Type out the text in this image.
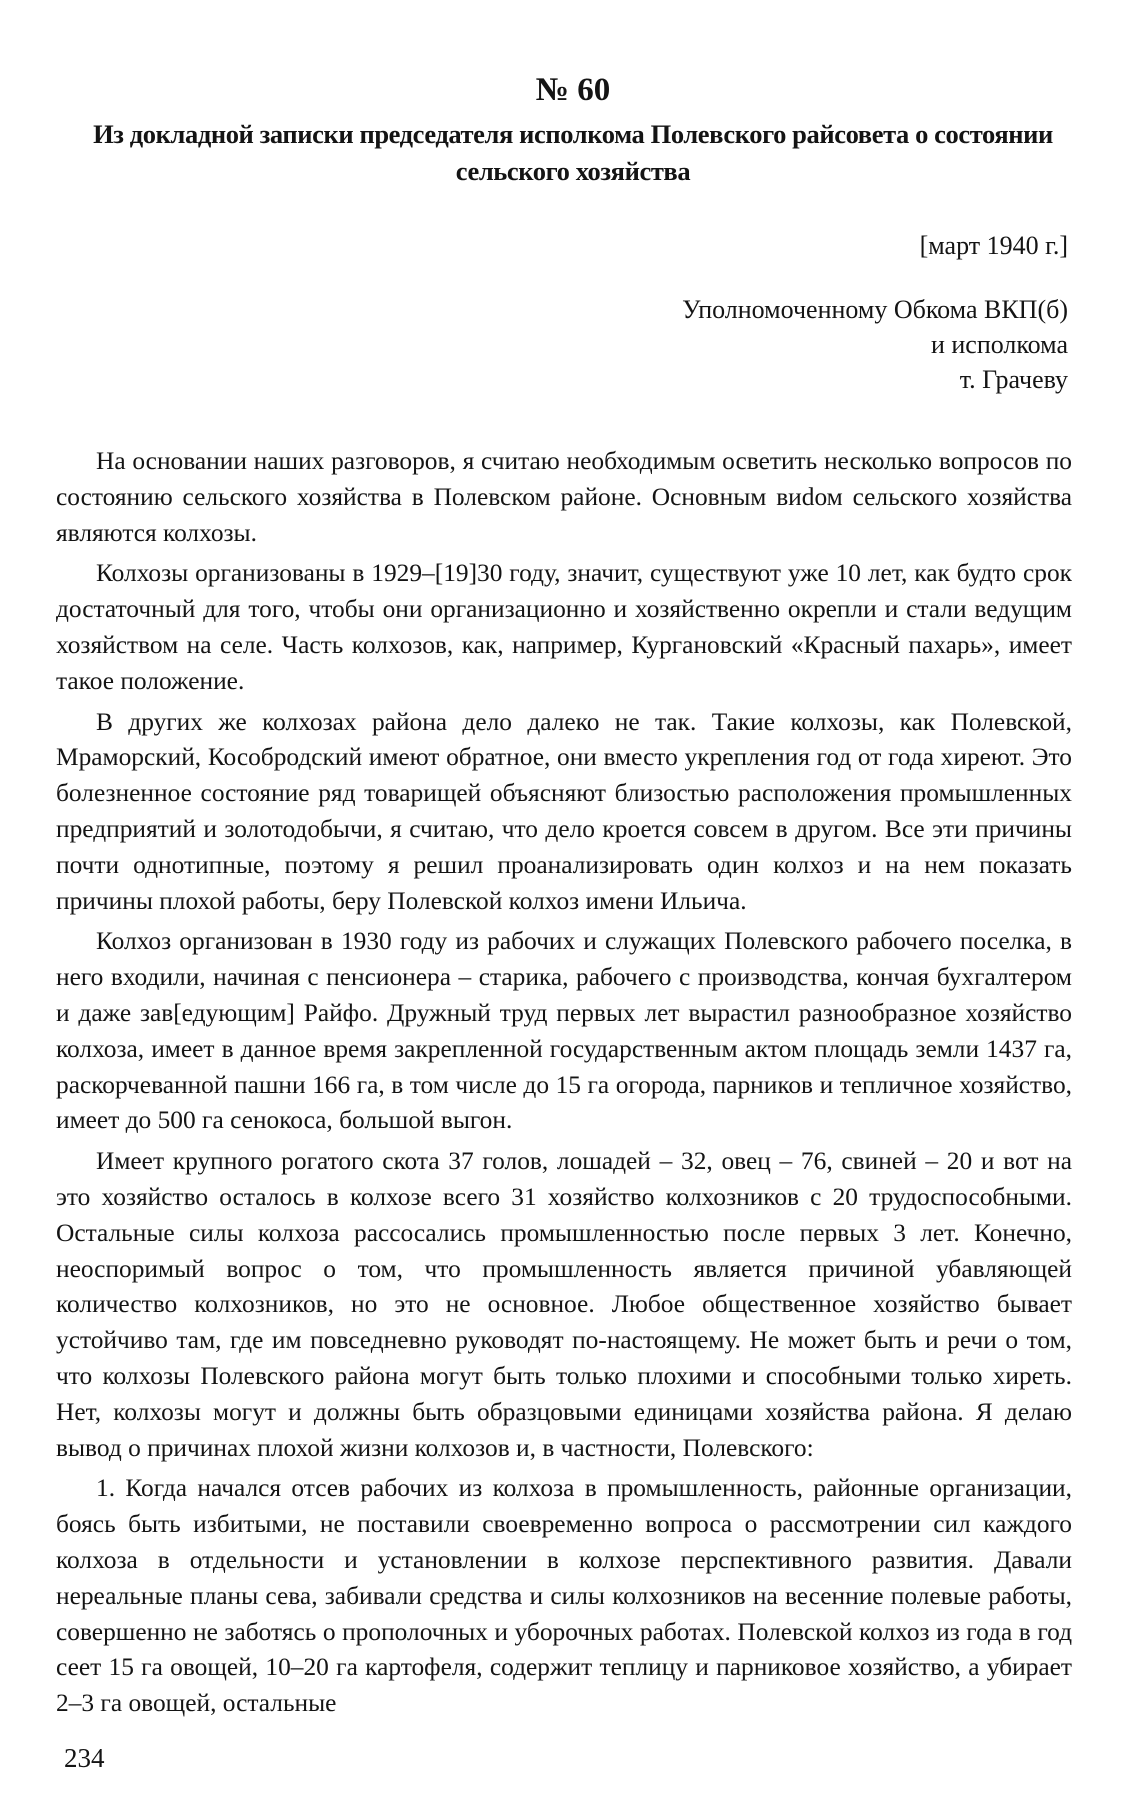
№ 60
Из докладной записки председателя исполкома Полевского райсовета о состоянии сельского хозяйства
[март 1940 г.]
Уполномоченному Обкома ВКП(б)
и исполкома
т. Грачеву

На основании наших разговоров, я считаю необходимым осветить несколько вопросов по состоянию сельского хозяйства в Полевском районе. Основным виdом сельского хозяйства являются колхозы.

Колхозы организованы в 1929–[19]30 году, значит, существуют уже 10 лет, как будто срок достаточный для того, чтобы они организационно и хозяйственно окрепли и стали ведущим хозяйством на селе. Часть колхозов, как, например, Кургановский «Красный пахарь», имеет такое положение.

В других же колхозах района дело далеко не так. Такие колхозы, как Полевской, Мраморский, Кособродский имеют обратное, они вместо укрепления год от года хиреют. Это болезненное состояние ряд товарищей объясняют близостью расположения промышленных предприятий и золотодобычи, я считаю, что дело кроется совсем в другом. Все эти причины почти однотипные, поэтому я решил проанализировать один колхоз и на нем показать причины плохой работы, беру Полевской колхоз имени Ильича.

Колхоз организован в 1930 году из рабочих и служащих Полевского рабочего поселка, в него входили, начиная с пенсионера – старика, рабочего с производства, кончая бухгалтером и даже зав[едующим] Райфо. Дружный труд первых лет вырастил разнообразное хозяйство колхоза, имеет в данное время закрепленной государственным актом площадь земли 1437 га, раскорчеванной пашни 166 га, в том числе до 15 га огорода, парников и тепличное хозяйство, имеет до 500 га сенокоса, большой выгон.

Имеет крупного рогатого скота 37 голов, лошадей – 32, овец – 76, свиней – 20 и вот на это хозяйство осталось в колхозе всего 31 хозяйство колхозников с 20 трудоспособными. Остальные силы колхоза рассосались промышленностью после первых 3 лет. Конечно, неоспоримый вопрос о том, что промышленность является причиной убавляющей количество колхозников, но это не основное. Любое общественное хозяйство бывает устойчиво там, где им повседневно руководят по-настоящему. Не может быть и речи о том, что колхозы Полевского района могут быть только плохими и способными только хиреть. Нет, колхозы могут и должны быть образцовыми единицами хозяйства района. Я делаю вывод о причинах плохой жизни колхозов и, в частности, Полевского:

1. Когда начался отсев рабочих из колхоза в промышленность, районные организации, боясь быть избитыми, не поставили своевременно вопроса о рассмотрении сил каждого колхоза в отдельности и установлении в колхозе перспективного развития. Давали нереальные планы сева, забивали средства и силы колхозников на весенние полевые работы, совершенно не заботясь о прополочных и уборочных работах. Полевской колхоз из года в год сеет 15 га овощей, 10–20 га картофеля, содержит теплицу и парниковое хозяйство, а убирает 2–3 га овощей, остальные

234
